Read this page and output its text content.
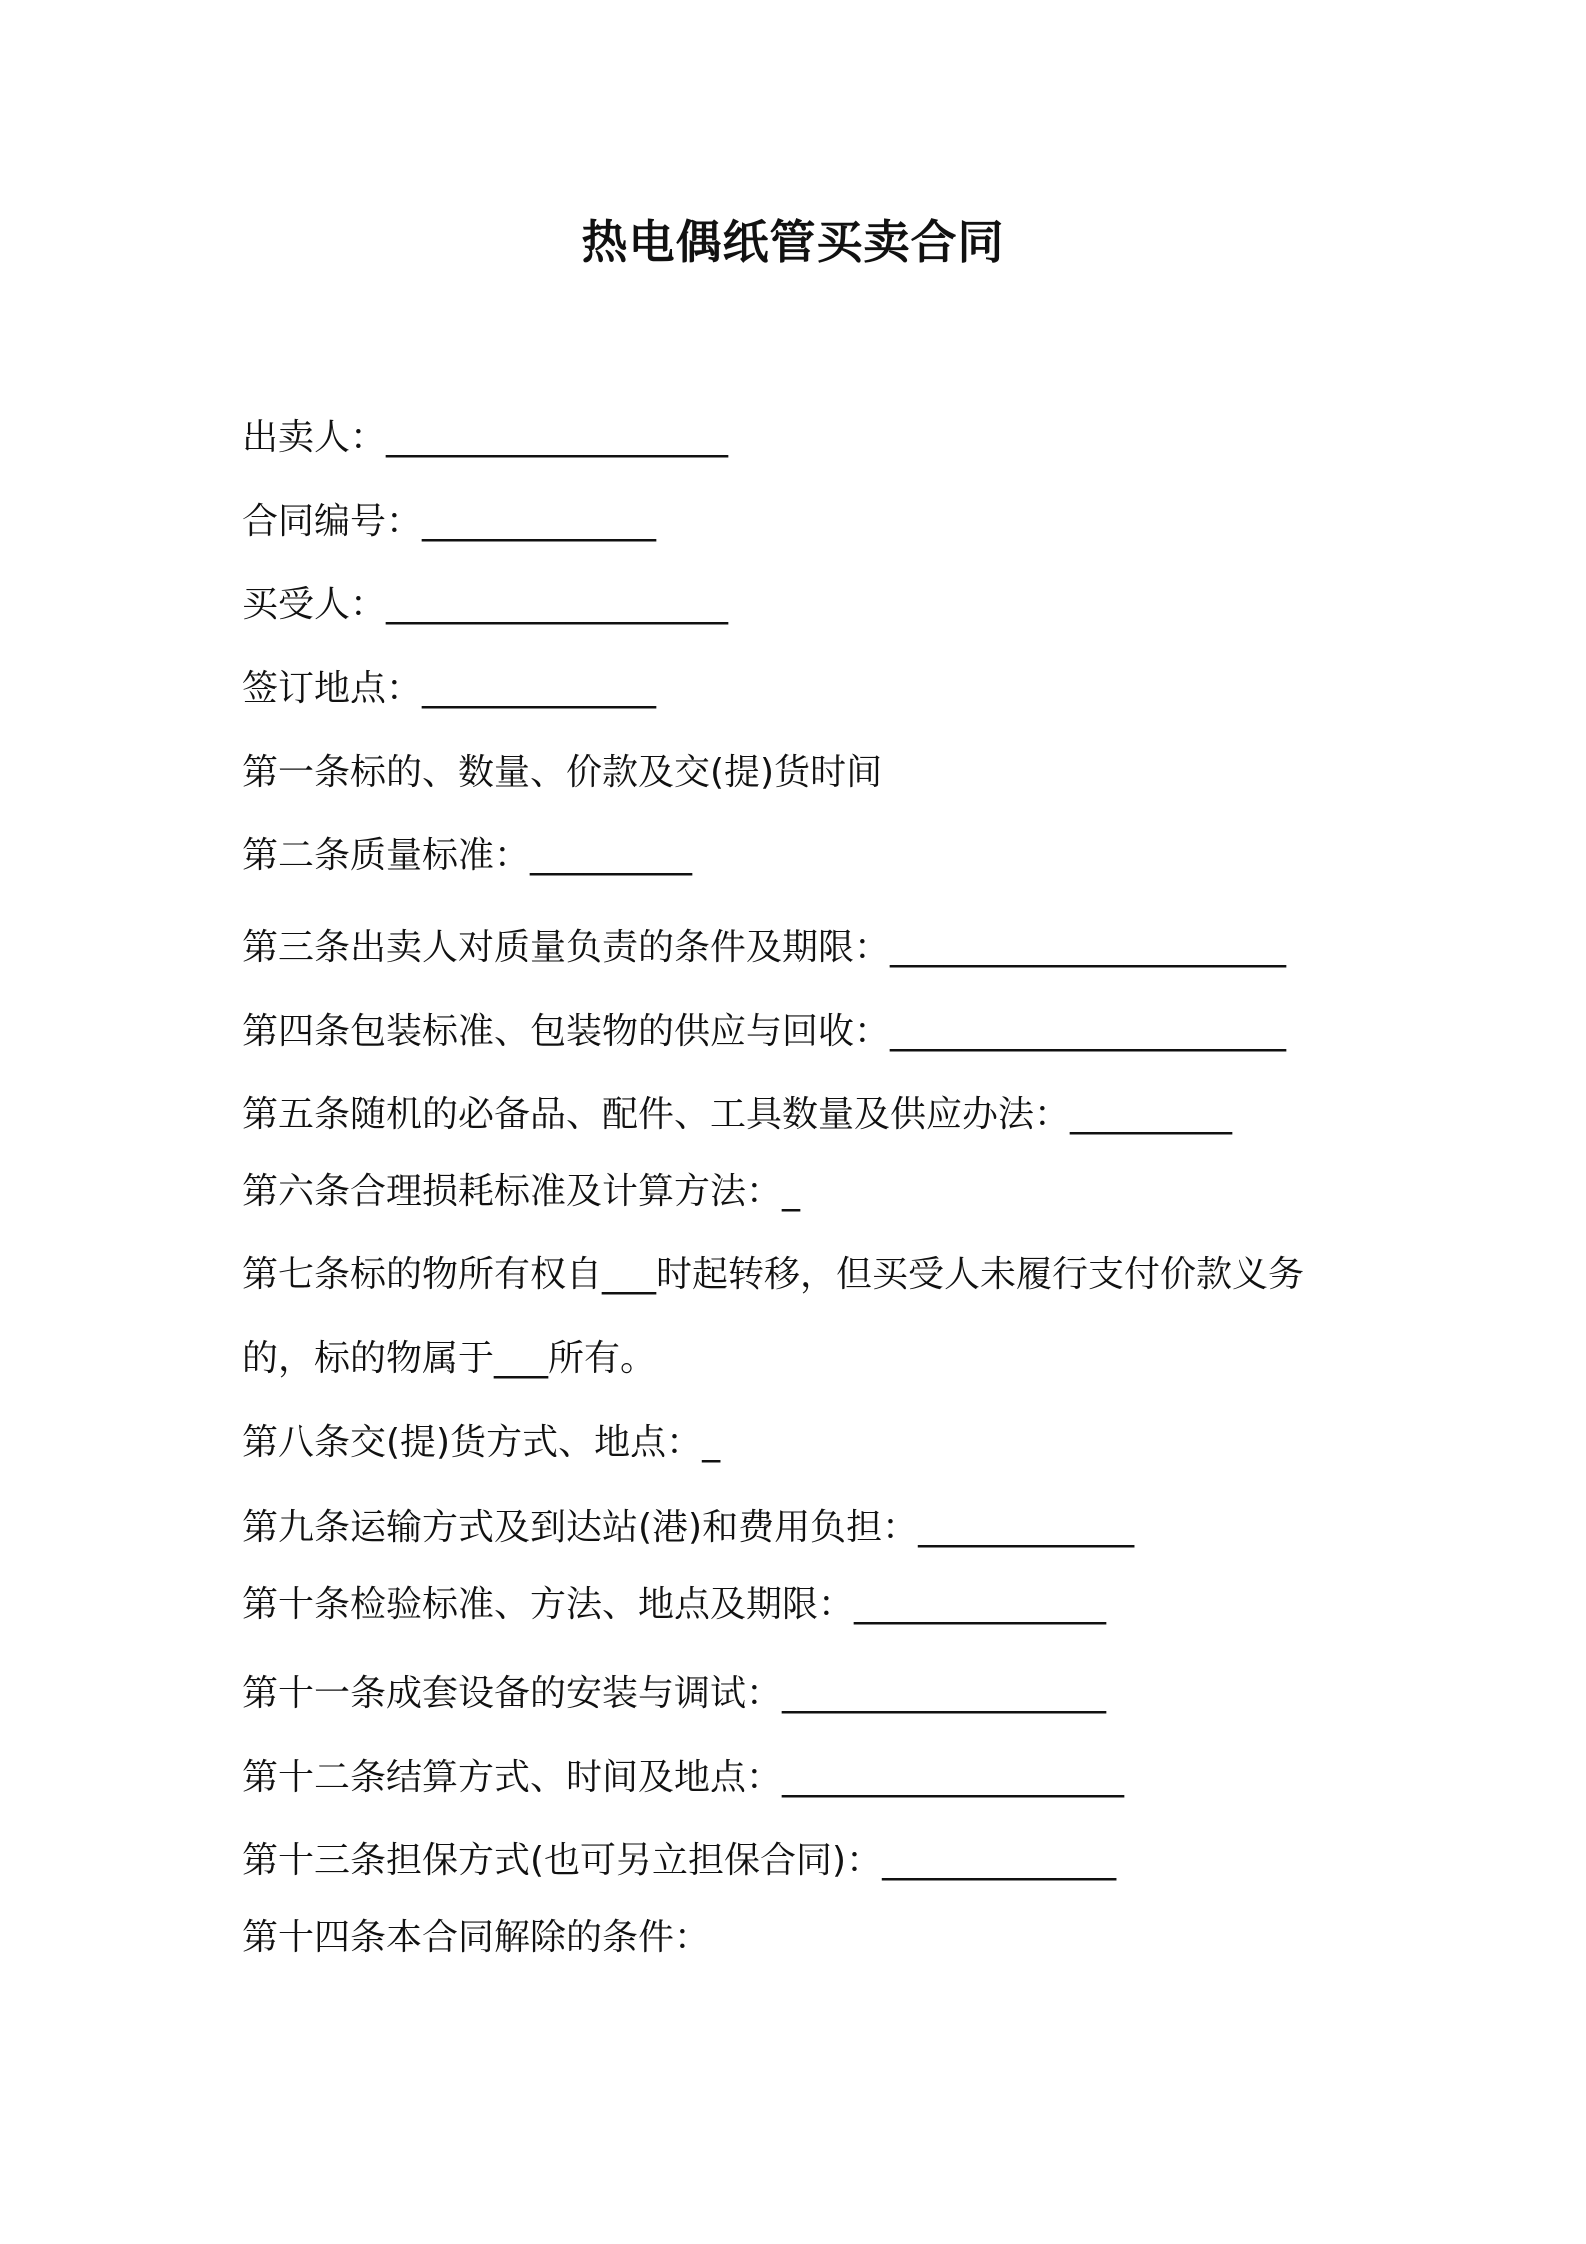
热电偶纸管买卖合同
出卖人：___________________
合同编号：_____________
买受人：___________________
签订地点：_____________
第一条标的、数量、价款及交(提)货时间
第二条质量标准：_________
第三条出卖人对质量负责的条件及期限：______________________
第四条包装标准、包装物的供应与回收：______________________
第五条随机的必备品、配件、工具数量及供应办法：_________
第六条合理损耗标准及计算方法：_
第七条标的物所有权自___时起转移，但买受人未履行支付价款义务
的，标的物属于___所有。
第八条交(提)货方式、地点：_
第九条运输方式及到达站(港)和费用负担：____________
第十条检验标准、方法、地点及期限：______________
第十一条成套设备的安装与调试：__________________
第十二条结算方式、时间及地点：___________________
第十三条担保方式(也可另立担保合同)：_____________
第十四条本合同解除的条件：
